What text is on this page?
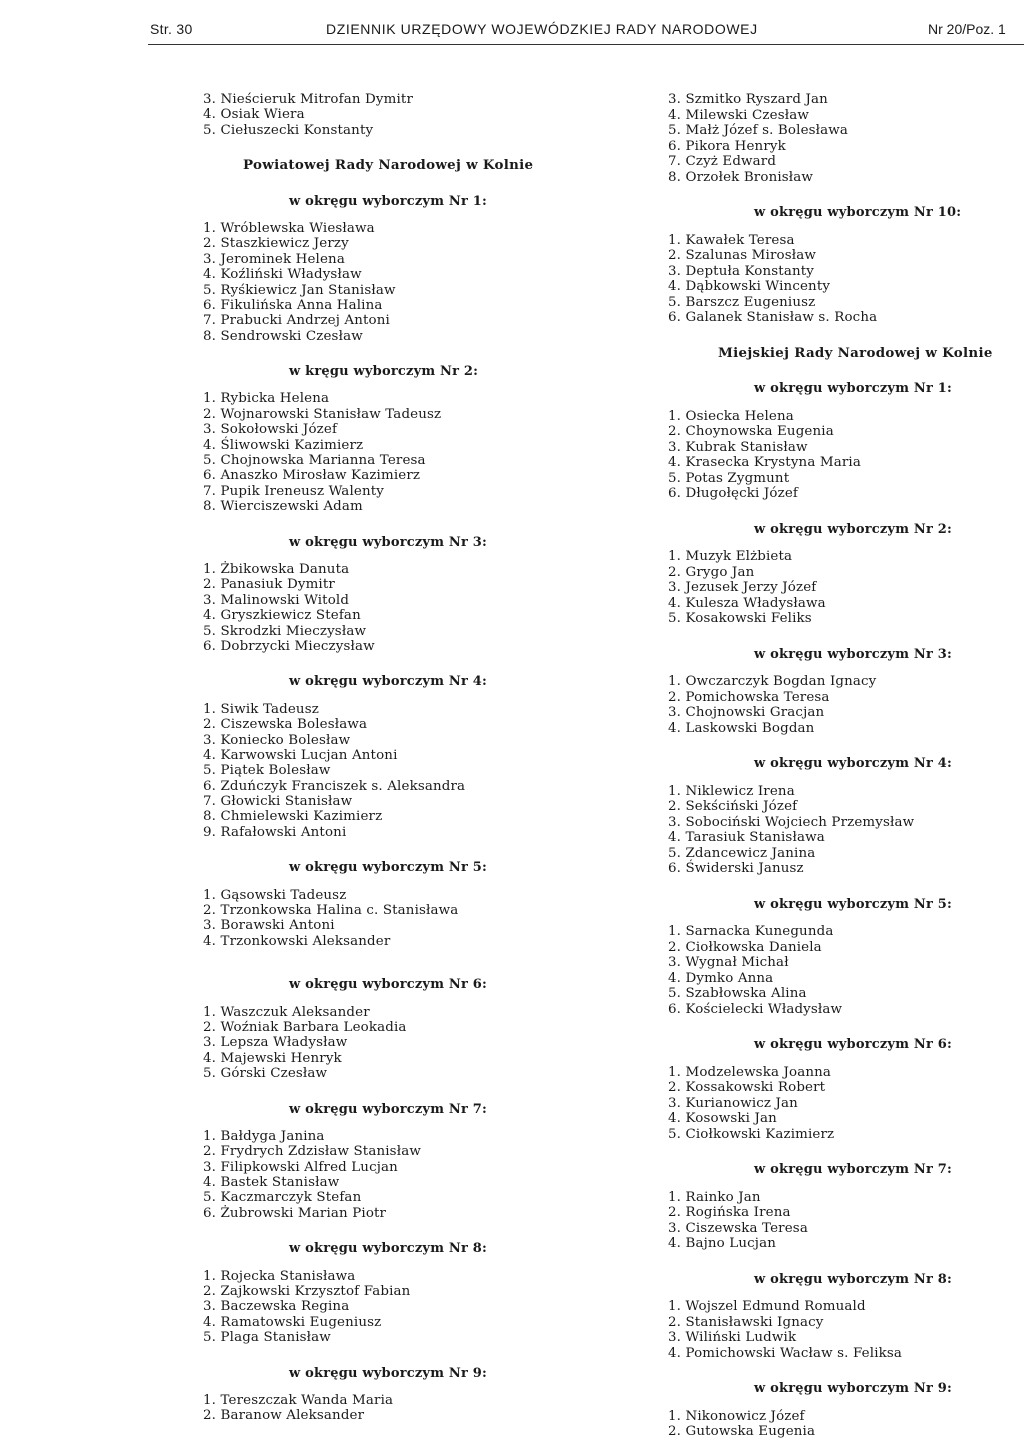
Str. 30	DZIENNIK URZĘDOWY WOJEWÓDZKIEJ RADY NARODOWEJ	Nr 20/Poz. 1
3. Nieścieruk Mitrofan Dymitr
4. Osiak Wiera
5. Ciełuszecki Konstanty
Powiatowej Rady Narodowej w Kolnie
w okręgu wyborczym Nr 1:
1. Wróblewska Wiesława
2. Staszkiewicz Jerzy
3. Jerominek Helena
4. Koźliński Władysław
5. Ryśkiewicz Jan Stanisław
6. Fikulińska Anna Halina
7. Prabucki Andrzej Antoni
8. Sendrowski Czesław
w kręgu wyborczym Nr 2:
1. Rybicka Helena
2. Wojnarowski Stanisław Tadeusz
3. Sokołowski Józef
4. Śliwowski Kazimierz
5. Chojnowska Marianna Teresa
6. Anaszko Mirosław Kazimierz
7. Pupik Ireneusz Walenty
8. Wierciszewski Adam
w okręgu wyborczym Nr 3:
1. Żbikowska Danuta
2. Panasiuk Dymitr
3. Malinowski Witold
4. Gryszkiewicz Stefan
5. Skrodzki Mieczysław
6. Dobrzycki Mieczysław
w okręgu wyborczym Nr 4:
1. Siwik Tadeusz
2. Ciszewska Bolesława
3. Koniecko Bolesław
4. Karwowski Lucjan Antoni
5. Piątek Bolesław
6. Zduńczyk Franciszek s. Aleksandra
7. Głowicki Stanisław
8. Chmielewski Kazimierz
9. Rafałowski Antoni
w okręgu wyborczym Nr 5:
1. Gąsowski Tadeusz
2. Trzonkowska Halina c. Stanisława
3. Borawski Antoni
4. Trzonkowski Aleksander
w okręgu wyborczym Nr 6:
1. Waszczuk Aleksander
2. Woźniak Barbara Leokadia
3. Lepsza Władysław
4. Majewski Henryk
5. Górski Czesław
w okręgu wyborczym Nr 7:
1. Bałdyga Janina
2. Frydrych Zdzisław Stanisław
3. Filipkowski Alfred Lucjan
4. Bastek Stanisław
5. Kaczmarczyk Stefan
6. Żubrowski Marian Piotr
w okręgu wyborczym Nr 8:
1. Rojecka Stanisława
2. Zajkowski Krzysztof Fabian
3. Baczewska Regina
4. Ramatowski Eugeniusz
5. Plaga Stanisław
w okręgu wyborczym Nr 9:
1. Tereszczak Wanda Maria
2. Baranow Aleksander
3. Szmitko Ryszard Jan
4. Milewski Czesław
5. Małż Józef s. Bolesława
6. Pikora Henryk
7. Czyż Edward
8. Orzołek Bronisław
w okręgu wyborczym Nr 10:
1. Kawałek Teresa
2. Szalunas Mirosław
3. Deptuła Konstanty
4. Dąbkowski Wincenty
5. Barszcz Eugeniusz
6. Galanek Stanisław s. Rocha
Miejskiej Rady Narodowej w Kolnie
w okręgu wyborczym Nr 1:
1. Osiecka Helena
2. Choynowska Eugenia
3. Kubrak Stanisław
4. Krasecka Krystyna Maria
5. Potas Zygmunt
6. Długołęcki Józef
w okręgu wyborczym Nr 2:
1. Muzyk Elżbieta
2. Grygo Jan
3. Jezusek Jerzy Józef
4. Kulesza Władysława
5. Kosakowski Feliks
w okręgu wyborczym Nr 3:
1. Owczarczyk Bogdan Ignacy
2. Pomichowska Teresa
3. Chojnowski Gracjan
4. Laskowski Bogdan
w okręgu wyborczym Nr 4:
1. Niklewicz Irena
2. Sekściński Józef
3. Sobociński Wojciech Przemysław
4. Tarasiuk Stanisława
5. Zdancewicz Janina
6. Świderski Janusz
w okręgu wyborczym Nr 5:
1. Sarnacka Kunegunda
2. Ciołkowska Daniela
3. Wygnał Michał
4. Dymko Anna
5. Szabłowska Alina
6. Kościelecki Władysław
w okręgu wyborczym Nr 6:
1. Modzelewska Joanna
2. Kossakowski Robert
3. Kurianowicz Jan
4. Kosowski Jan
5. Ciołkowski Kazimierz
w okręgu wyborczym Nr 7:
1. Rainko Jan
2. Rogińska Irena
3. Ciszewska Teresa
4. Bajno Lucjan
w okręgu wyborczym Nr 8:
1. Wojszel Edmund Romuald
2. Stanisławski Ignacy
3. Wiliński Ludwik
4. Pomichowski Wacław s. Feliksa
w okręgu wyborczym Nr 9:
1. Nikonowicz Józef
2. Gutowska Eugenia
